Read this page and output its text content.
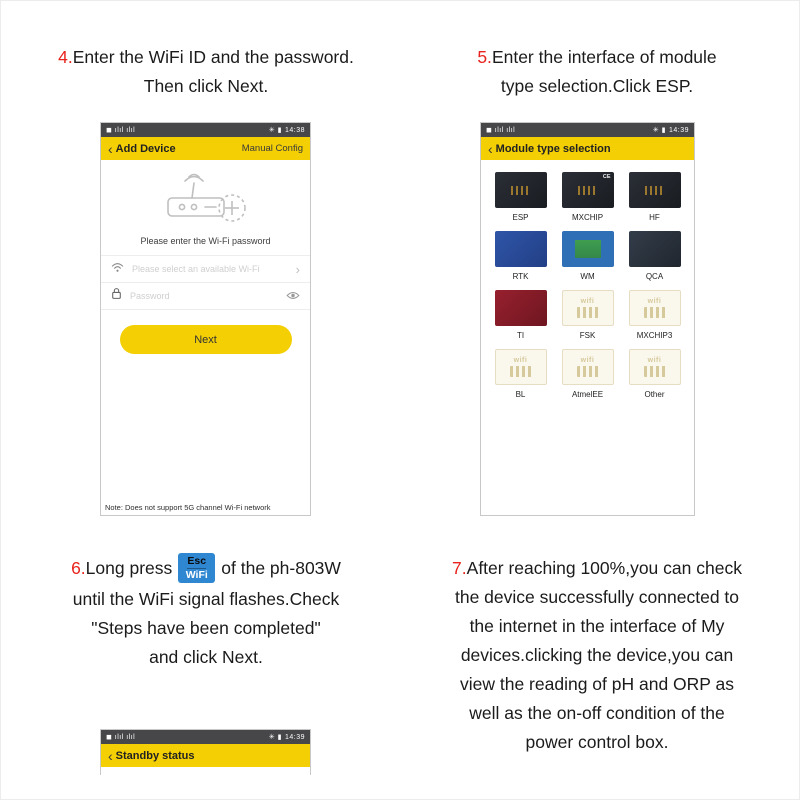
4.Enter the WiFi ID and the password.
Then click Next.
5.Enter the interface of module
type selection.Click ESP.
◼ ılıl ılıl	✳ ▮ 14:38
‹ Add Device	Manual Config
Please enter the Wi-Fi password
Please select an available Wi-Fi	›
Password
Next
Note: Does not support 5G channel Wi-Fi network
◼ ılıl ılıl	✳ ▮ 14:39
‹ Module type selection
ESP
CE
MXCHIP	HF
RTK	WM	QCA
TI
wifi
FSK
wifi
MXCHIP3
wifi
BL
wifi
AtmelEE
wifi
Other
6. Long press Esc
WiFi of the ph-803W
until the WiFi signal flashes.Check
"Steps have been completed"
and click Next.
7.After reaching 100%,you can check
the device successfully connected to
the internet in the interface of My
devices.clicking the device,you can
view the reading of pH and ORP as
well as the on-off condition of the
power control box.
◼ ılıl ılıl	✳ ▮ 14:39
‹ Standby status
